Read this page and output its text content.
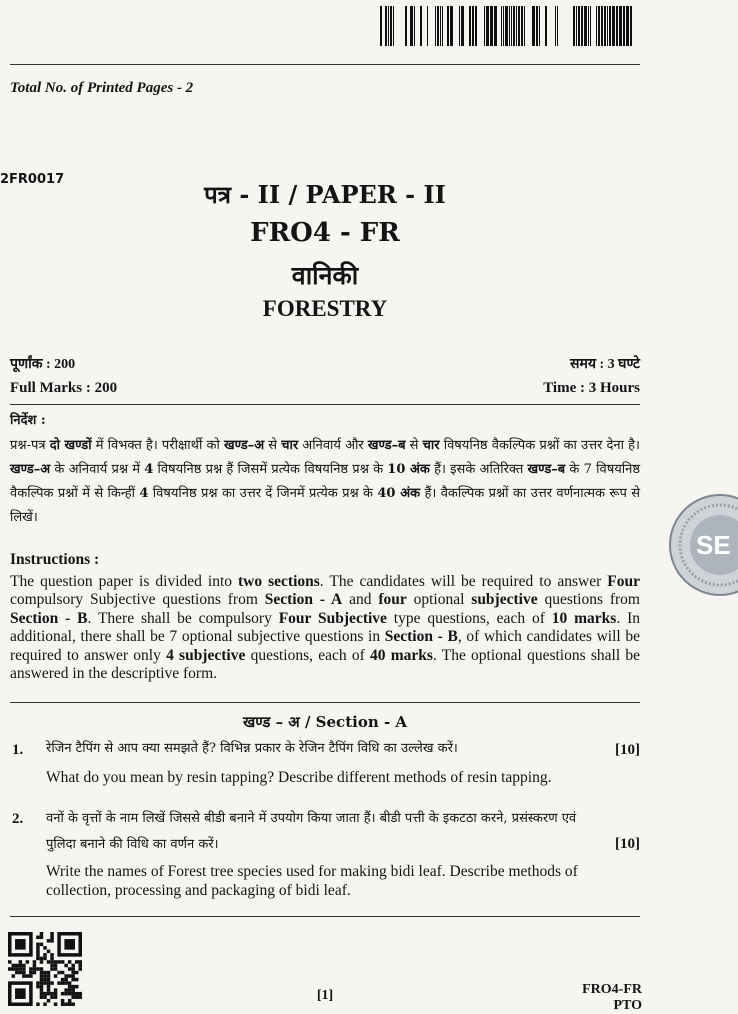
Total No. of Printed Pages - 2
2FR0017
पत्र - II / PAPER - II
FRO4 - FR
वानिकी
FORESTRY
पूर्णांक : 200
Full Marks : 200
समय : 3 घण्टे
Time : 3 Hours
निर्देश :
प्रश्न-पत्र दो खण्डों में विभक्त है। परीक्षार्थी को खण्ड–अ से चार अनिवार्य और खण्ड–ब से चार विषयनिष्ठ वैकल्पिक प्रश्नों का उत्तर देना है। खण्ड–अ के अनिवार्य प्रश्न में 4 विषयनिष्ठ प्रश्न हैं जिसमें प्रत्येक विषयनिष्ठ प्रश्न के 10 अंक हैं। इसके अतिरिक्त खण्ड–ब के 7 विषयनिष्ठ वैकल्पिक प्रश्नों में से किन्हीं 4 विषयनिष्ठ प्रश्न का उत्तर दें जिनमें प्रत्येक प्रश्न के 40 अंक हैं। वैकल्पिक प्रश्नों का उत्तर वर्णनात्मक रूप से लिखें।
Instructions :
The question paper is divided into two sections. The candidates will be required to answer Four compulsory Subjective questions from Section - A and four optional subjective questions from Section - B. There shall be compulsory Four Subjective type questions, each of 10 marks. In additional, there shall be 7 optional subjective questions in Section - B, of which candidates will be required to answer only 4 subjective questions, each of 40 marks. The optional questions shall be answered in the descriptive form.
खण्ड – अ / Section - A
1. रेजिन टैपिंग से आप क्या समझते हैं? विभिन्न प्रकार के रेजिन टैपिंग विधि का उल्लेख करें।	[10]
What do you mean by resin tapping? Describe different methods of resin tapping.
2. वनों के वृत्तों के नाम लिखें जिससे बीडी बनाने में उपयोग किया जाता हैं। बीडी पत्ती के इकटठा करने, प्रसंस्करण एवं पुलिदा बनाने की विधि का वर्णन करें।	[10]
Write the names of Forest tree species used for making bidi leaf. Describe methods of collection, processing and packaging of bidi leaf.
[1]	FRO4-FR
PTO
SE
